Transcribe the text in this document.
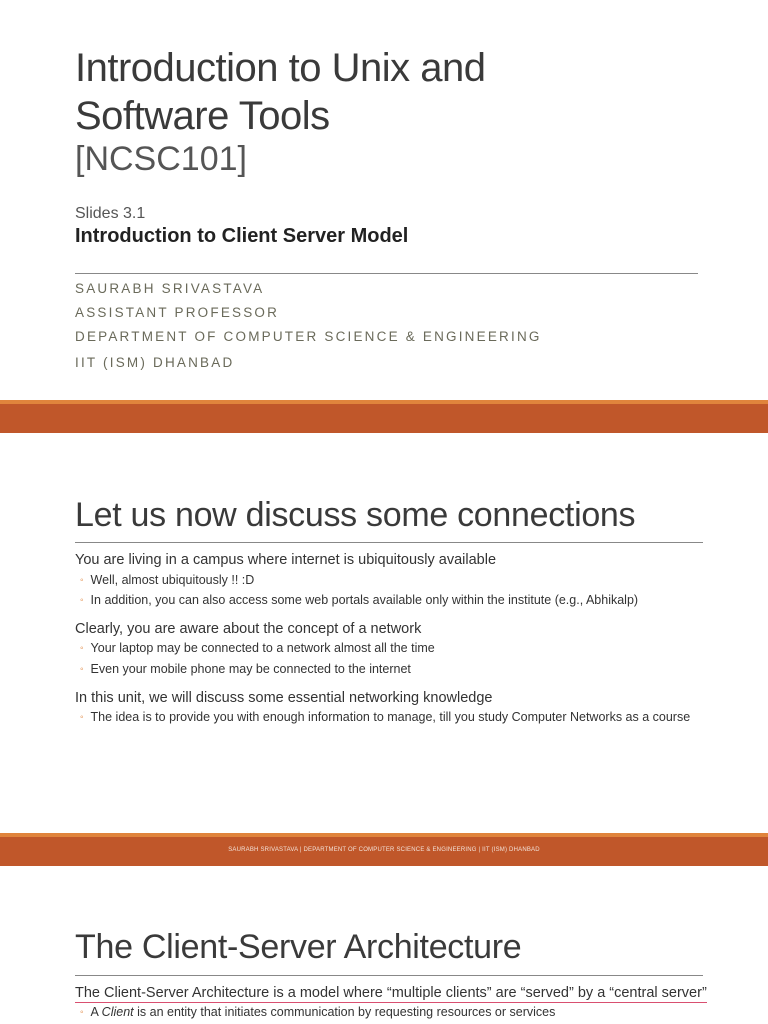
Introduction to Unix and
Software Tools
[NCSC101]
Slides 3.1
Introduction to Client Server Model
SAURABH SRIVASTAVA
ASSISTANT PROFESSOR
DEPARTMENT OF COMPUTER SCIENCE & ENGINEERING
IIT (ISM) DHANBAD
Let us now discuss some connections
You are living in a campus where internet is ubiquitously available
◦ Well, almost ubiquitously !! :D
◦ In addition, you can also access some web portals available only within the institute (e.g., Abhikalp)
Clearly, you are aware about the concept of a network
◦ Your laptop may be connected to a network almost all the time
◦ Even your mobile phone may be connected to the internet
In this unit, we will discuss some essential networking knowledge
◦ The idea is to provide you with enough information to manage, till you study Computer Networks as a course
SAURABH SRIVASTAVA | DEPARTMENT OF COMPUTER SCIENCE & ENGINEERING | IIT (ISM) DHANBAD
The Client-Server Architecture
The Client-Server Architecture is a model where “multiple clients” are “served” by a “central server”
◦ A Client is an entity that initiates communication by requesting resources or services
